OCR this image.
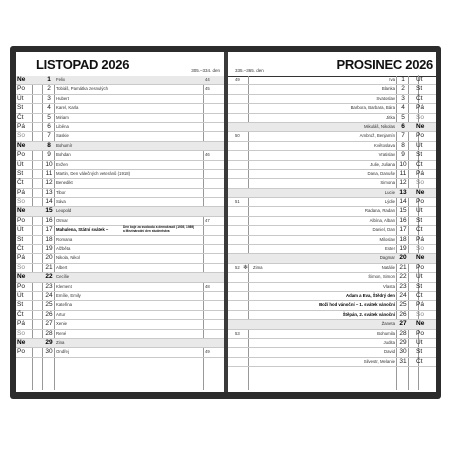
LISTOPAD 2026	305.–334. den
Ne	1	Felix	44
Po	2	Tobiáš, Památka zesnulých	45
Út	3	Hubert
St	4	Karel, Karla
Čt	5	Miriam
Pá	6	Liběna
So	7	Saskie
Ne	8	Bohumír
Po	9	Bohdan	46
Út	10 Evžen
St	11 Martin, Den válečných veteránů (1918)
Čt	12 Benedikt
Pá	13 Tibor
So	14 Sáva
Ne	15 Leopold
Po	16 Otmar	47
Út	17 Mahulena, Státní svátek –	Den boje za svobodu a demokracii (1939, 1989)
a Mezinárodní den studentstva
St	18 Romana
Čt	19 Alžběta
Pá	20 Nikola, Nikol
So	21 Albert
Ne	22 Cecílie
Po	23 Klement	48
Út	24 Emílie, Emily
St	25 Kateřina
Čt	26 Artur
Pá	27 Xenie
So	28 René
Ne	29 Zina
Po	30 Ondřej	49
335.–365. den	PROSINEC 2026
49	Iva 1	Út
Blanka 2	St
Svatoslav 3	Čt
Barbora, Barbara, Bára 4	Pá
Jitka 5	So
Mikuláš, Nikolas 6	Ne
50	Ambrož, Benjamín 7	Po
Květoslava 8	Út
Vratislav 9	St
Julie, Juliana 10 Čt
Dana, Danuše 11 Pá
Simona 12 So
Lucie 13 Ne
51	Lýdie 14 Po
Radana, Radan 15 Út
Albína, Alban 16 St
Daniel, Dan 17 Čt
Miloslav 18 Pá
Ester 19 So
Dagmar 20 Ne
52 ❄ Zima	Natálie 21 Po
Šimon, Simon 22 Út
Vlasta 23 St
Adam a Eva, Štědrý den 24 Čt
Boží hod vánoční – 1. svátek vánoční 25 Pá
Štěpán, 2. svátek vánoční 26 So
Žaneta 27 Ne
53	Bohumila 28 Po
Judita 29 Út
David 30 St
Silvestr, Melanie 31 Čt
